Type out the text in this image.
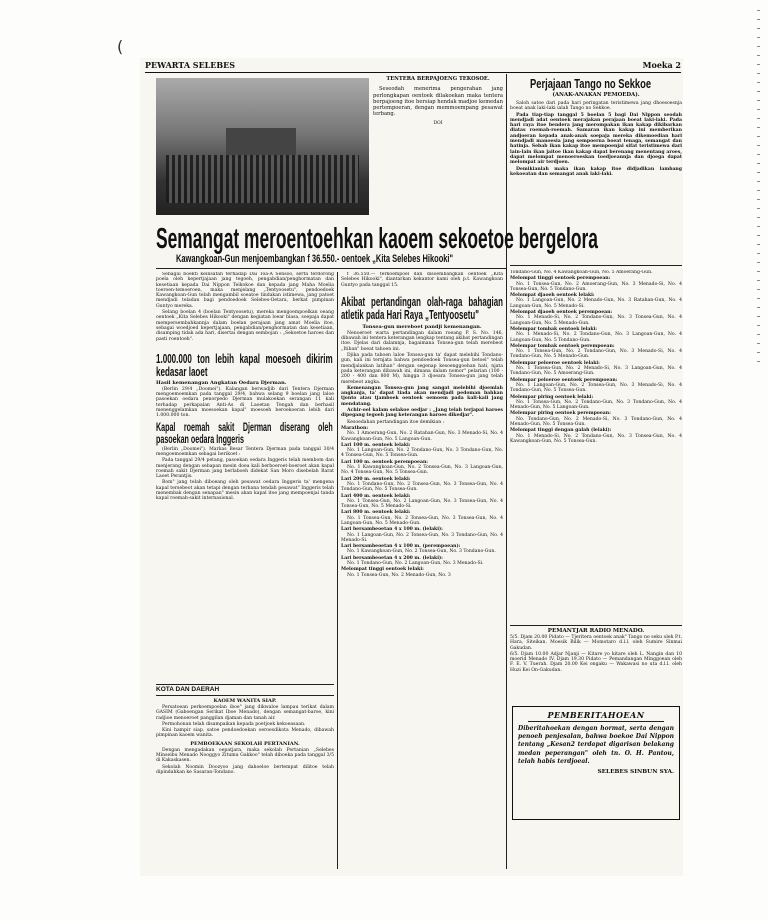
(
PEWARTA SELEBES	Moeka 2
TENTERA BERPAJOENG TEKOSOE.

Seseodah menerima pengerahan jang perlongkapan oentoek dilakoekan maka tentera berpajoeng itoe bersiap hendak madjoe kemedan pertempoeran, dengan memmoempang pesawat terbang.

DOI
Perjajaan Tango no Sekkoe
(ANAK-ANAKAN PEMOEDA).

Saloh satoe dari pada hari peringatan teristimewa jang dhoesoesnja boeat anak laki-laki ialah Tango no Sekkoe.

Pada tiap-tiap tanggal 5 boelan 5 bagi Dai Nippon seodah mendjadi adat oentoek merajakan perajaan boeat laki-laki. Pada hari raya itoe bendera jang merompakan ikan kakap dikibarkan diatas roemah-roemah. Samaran ikan kakap ini memberikan andjoeran kepada anak-anak soepaja mereka dikemoedian hari mendjadi manoesia jang sempoerna boeat tenaga, semangat dan hatinja. Sebab ikan kakap itoe mempoenjai sifat teristimewa dari lain-lain ikan jaitoe ikan kakap dapat berenang menentang aroes, dapat melompat menoeroeskan toedjoeannja dan djoega dapat melompat air terdjoen.

Demikianlah maka ikan kakap itoe didjadikan lambang kekoeatan dan semangat anak laki-laki.

Semangat meroentoehkan kaoem sekoetoe bergelora
Kawangkoan-Gun menjoembangkan f 36.550.- oentoek „Kita Selebes Hikooki"

Sebagai boekti keinsatan terhadap Dai Toa-A Sensoo, serta terdorong poela oleh kepertjajaan jang tegoeh, pengabdian/penghormatan dan kesetiaan kepada Dai Nippon Teikokoe dan kepada jang Maha Moelia toeroen-temoeroen, maka menjelang „Tentyoosetu", pendoedoek Kawangkoan-Gun telah mengambil soeatoe tindakan istimewa, jang patoet mendjadi teladan bagi pendoedoek Selebes-Oetara, berkat pimpinan Guntyo mereka.

Selang boelan 4 (boelan Tentyoosetu), mereka mengoempoelkan oeang oentoek „Kita Selebes Hikooki" dengan kegiatan loear biasa, soepaja dapat mempersembahkannja dalam boelan perajaan jang amat Moelia itoe, sebagai woedjoed kepertjajaan, pengabdian/penghormatan dan kesetiaan, disamping tidak ada hari, disertai dengan sembojan : „Sekoetoe haroes dan pasti roentoeh".

1.000.000 ton lebih kapal moesoeh dikirim kedasar laoet
Hasil kemenangan Angkatan Oedara Djerman.

(Berlin 29/4 „Doomei"). Kalangan berwadjib dari Tentera Djerman mengoemoemkan pada tanggal 29/4, bahwa selang 9 boelan jang laloe pasoekan oedara penorpedo Djerman mulakoekan serangan 11 kali terhadap perkapalan Anti-As di Laoetan Tengah dan berhasil menenggelamkan moesoekan kapal" moesoeh beroekoeran lebih dari 1.000.000 ton.

Kapal roemah sakit Djerman diserang oleh pasoekan oedara Inggeris

(Berlin „Doomei"). Markas Besar Tentera Djerman pada tanggal 30/4 mengoemoemkan sebagai berikoet :

Pada tanggal 29/4 petang, pasoekan oedara Inggeris telah membom dan menjerang dengan sebapan mesin doea kali berboeroet-boeroet akan kapal roemah sakit Djerman jang berlaboeh didekat San Moro disebelah Barat Laoet Perantjis.

Bom" jang telah diboeang oleh pesawat oedara Inggeris ta' mengena kapal tersebeot akan tetapi dengan terbana tendah pesawat" Inggeris telah menembak dengan senapan" mesin akan kapal itoe jang mempoenjai tanda kapal roemah-sakit internasional.

KOTA DAN DAERAH
KAOEM WANITA SIAP.

Persatoean perkoempoelan iboe" jang dikwaloe lampau terikat dalam GASIM (Gaboengan Serikat Iboe Menado), dengan semangat-baroe, kini radjioe menoeroet panggilan djaman dan tanah air.

Permohonan telah disampaikan kepada poetjoek kekoeasaan.

Kini hampir siap, satoe pendoedoekan oeroesdikota Menado, dibawah pimpinan kaoem wanita.

PEMBOEKAAN SEKOLAH PERTANIAN.

Dengan mengadakan oepatjara, maka sekolah Pertanian „Selebes Minseibu Menado Nooggyo Zitumu Gakkoo" telah diboeka pada tanggal 3/5 di Kakaskasen.

Sekolah Noomin Doozyoo jang dahoeloe bertempat dilitoe telah dipindahkan ke Sasaran-Tondano.

f 36.550.— terkoempoel dan disoembangkan oentoek „Kita Selebes Hikooki", diantarkan kekantor kami oleh p.t. Kawangkoan Guntyo pada tanggal 15.

Akibat pertandingan olah-raga bahagian atletik pada Hari Raya „Tentyoosetu"
Tonsea-gun mereboet pandji kemenangan.

Nenoeroet warta pertandingan dalam roeang P. S. No. 146, dibawah ini tentera keterangan lengkap tentang akibat pertandingan itoe. Djelas dari dalamnja, bagaimana Tonsea-gun telah merebeot „Itiban" boeat tahoen ini.

Djika pada tahoen laloe Tonsea-gun ta' dapat melebihi Tondano-gun, kali ini ternjata bahwa pendoedoek Tonsea-gun betoel" telah mendjalankan latihan" dengan segenap kesoenggoehan hati, njata pada keterangan dibawah ini, dimana dalam nomor" pelarian (100 - 200 - 400 dan 800 M), hingga 3 djoeara Tonsea-gun jang telah merebeot angka.

Kemenangan Tonsea-gun jang sangat melebihi djoemlah angkanja, ta' dapat tiada akan mendjadi pedoman bahkan tjonto atau tjamboek oentoek oemoem pada kali-kali jang mendatang.

Achir-oel kalam selakoe oedjar : „Jang telah terjapai haroes dipegang tegoeh jang keterangan haroes dikedjar".

Kesoedahan pertandingan itoe demikian :

Marathon:

No. 1 Amoerang-Gun, No. 2 Ratahan-Gun, No. 3 Menado-Si, No. 4 Kawangkoan-Gun, No. 5 Langoan-Gun.

Lari 100 m. oentoek lelaki:

No. 1 Langoan-Gun, No. 2 Tondano-Gun, No. 3 Tondano-Gun, No. 4 Tonsea-Gun, No. 5 Tonsea-Gun.

Lari 100 m. oentoek perempoean:

No. 1 Kawangkoan-Gun, No. 2 Tonsea-Gun, No. 3 Langoan-Gun, No. 4 Tonsea-Gun, No. 5 Tonsea-Gun.

Lari 200 m. oentoek lelaki:

No. 1 Tondano-Gun, No. 2 Tonsea-Gun, No. 3 Tonsea-Gun, No. 4 Tondano-Gun, No. 5 Tonsea-Gun.

Lari 400 m. oentoek lelaki:

No. 1 Tonsea-Gun, No. 2 Langoan-Gun, No. 3 Tonsea-Gun, No. 4 Tonsea-Gun, No. 5 Menado-Si.

Lari 800 m. oentoek lelaki:

No. 1 Tonsea-Gun, No. 2 Tonsea-Gun, No. 3 Tonsea-Gun, No. 4 Langoan-Gun, No. 5 Menado-Gun.

Lari bersambeoetan 4 x 100 m. (lelaki):

No. 1 Langoan-Gun, No. 2 Tonsea-Gun, No. 3 Tondano-Gun, No. 4 Menado-Si.

Lari bersambeoetan 4 x 100 m. (perempoean):

No. 1 Kawangkoan-Gun, No. 2 Tonsea-Gun, No. 3 Tondano-Gun.

Lari bersambeoetan 4 x 200 m. (lelaki):

No. 1 Tondano-Gun, No. 2 Langoan-Gun, No. 3 Menado-Si.

Melompat tinggi oentoek lelaki:

No. 1 Tonsea-Gun, No. 2 Menado-Gun, No. 3

Tondano-Gun, No. 4 Kawangkoan-Gun, No. 5 Amoerang-Gun.

Melompat tinggi oentoek perempoean:

No. 1 Tonsea-Gun, No. 2 Amoerang-Gun, No. 3 Menado-Si, No. 4 Tonsea-Gun, No. 5 Tondano-Gun.

Melompat djaoeh oentoek lelaki:

No. 1 Langoan-Gun, No. 2 Menado-Gun, No. 3 Ratahan-Gun, No. 4 Langoan-Gun, No. 5 Menado-Si.

Melompat djaoeh oentoek perempoean:

No. 1 Menado-Si, No. 2 Tondano-Gun, No. 3 Tonsea-Gun, No. 4 Langoan-Gun, No. 5 Menado-Gun.

Melempar tombak oentoek lelaki:

No. 1 Menado-Si, No. 2 Tondano-Gun, No. 3 Langoan-Gun, No. 4 Langoan-Gun, No. 5 Tondano-Gun.

Melempar tombak oentoek perempoean:

No. 1 Tonsea-Gun, No. 2 Tondano-Gun, No. 3 Menado-Si, No. 4 Tondano-Gun, No. 5 Menado-Gun.

Melempar peloeroe oentoek lelaki:

No. 1 Tonsea-Gun, No. 2 Menado-Si, No. 3 Langoan-Gun, No. 4 Tondano-Gun, No. 5 Amoerang-Gun.

Melempar peloeroe oentoek perempoean:

No. 1 Langoan-Gun, No. 2 Tonsea-Gun, No. 3 Menado-Si, No. 4 Tondano-Gun, No. 5 Tonsea-Gun.

Melempar piring oentoek lelaki:

No. 1 Tonsea-Gun, No. 2 Tondano-Gun, No. 3 Tondano-Gun, No. 4 Menado-Gun, No. 5 Langoan-Gun.

Melempar piring oentoek perempoean:

No. Tondano-Gun, No. 2 Menado-Si, No. 3 Tondano-Gun, No. 4 Menado-Gun, No. 5 Tonsea-Gun.

Melompat tinggi dengan galah (lelaki):

No. 1 Menado-Si, No. 2 Tondano-Gun, No. 3 Tonsea-Gun, No. 4 Kawangkoan-Gun, No. 5 Tonsea-Gun.

PEMANTJAR RADIO MENADO.

5/5. Djam 20.00 Pidato — Tjeritera oentoek anak" Tango no seku oleh P.t. Hara, Siteikan. Moesik Bilik — Momotaro d.l.l. oleh Sumire Sinmai Gakudan.

6/5. Djam 10.00 Adjar Njanji — Kitare yo kitare oleh L. Nangin dan 10 moerid Menado IV. Djam 19.30 Pidato — Pemandangan Minggoean oleh F. E. V. Tuerah. Djam 20.00 Kei ongaku — Wakawasi no uta d.l.l. oleh Huzi Kei On-Gakudan.

PEMBERITAHOEAN
Diberitahoekan dengan hormat, serta dengan penoeh penjesalan, bahwa boekoe Dai Nippon tentang „Kesan2 terdapat digarisan belakang medan peperangan" oleh tn. O. H. Pantou, telah habis terdjoeal.
SELEBES SINBUN SYA.
